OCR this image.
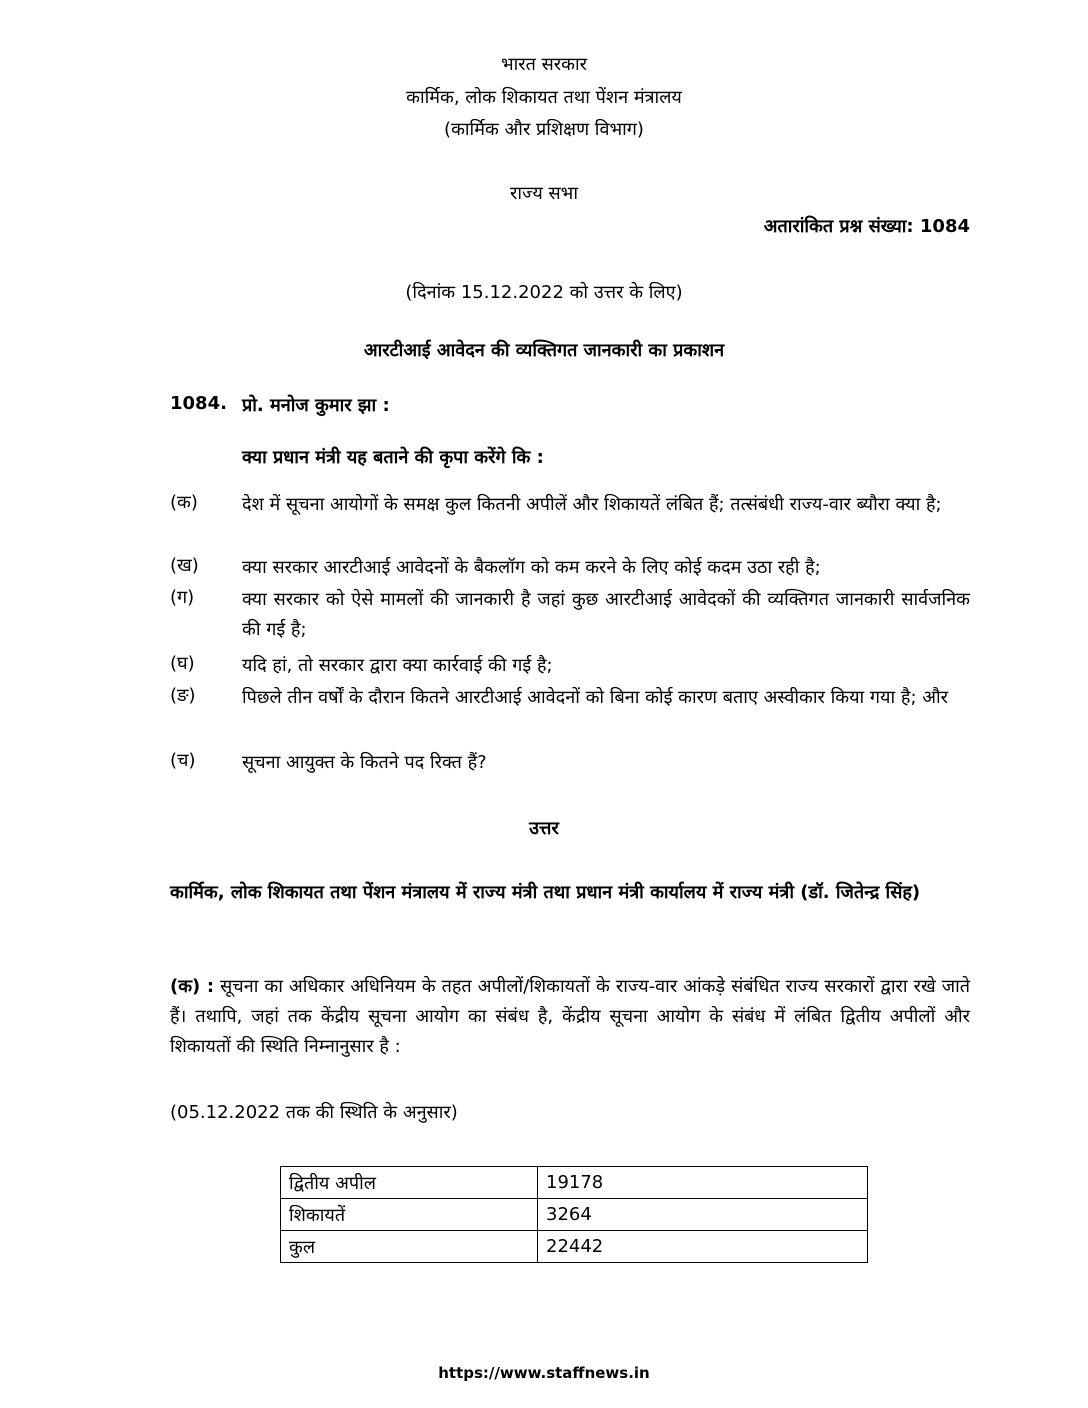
भारत सरकार
कार्मिक, लोक शिकायत तथा पेंशन मंत्रालय
(कार्मिक और प्रशिक्षण विभाग)
राज्य सभा
अतारांकित प्रश्न संख्या: 1084
(दिनांक 15.12.2022 को उत्तर के लिए)
आरटीआई आवेदन की व्यक्तिगत जानकारी का प्रकाशन
1084. प्रो. मनोज कुमार झा :
क्या प्रधान मंत्री यह बताने की कृपा करेंगे कि :
(क) देश में सूचना आयोगों के समक्ष कुल कितनी अपीलें और शिकायतें लंबित हैं; तत्संबंधी राज्य-वार ब्यौरा क्या है;
(ख) क्या सरकार आरटीआई आवेदनों के बैकलॉग को कम करने के लिए कोई कदम उठा रही है;
(ग)	क्या सरकार को ऐसे मामलों की जानकारी है जहां कुछ आरटीआई आवेदकों की व्यक्तिगत जानकारी सार्वजनिक की गई है;
(घ)	यदि हां, तो सरकार द्वारा क्या कार्रवाई की गई है;
(ङ)	पिछले तीन वर्षों के दौरान कितने आरटीआई आवेदनों को बिना कोई कारण बताए अस्वीकार किया गया है; और
(च)	सूचना आयुक्त के कितने पद रिक्त हैं?
उत्तर
कार्मिक, लोक शिकायत तथा पेंशन मंत्रालय में राज्य मंत्री तथा प्रधान मंत्री कार्यालय में राज्य मंत्री (डॉ. जितेन्द्र सिंह)
(क) : सूचना का अधिकार अधिनियम के तहत अपीलों/शिकायतों के राज्य-वार आंकड़े संबंधित राज्य सरकारों द्वारा रखे जाते हैं। तथापि, जहां तक केंद्रीय सूचना आयोग का संबंध है, केंद्रीय सूचना आयोग के संबंध में लंबित द्वितीय अपीलों और शिकायतों की स्थिति निम्नानुसार है :
(05.12.2022 तक की स्थिति के अनुसार)
द्वितीय अपील	19178
शिकायतें	3264
कुल	22442
https://www.staffnews.in
